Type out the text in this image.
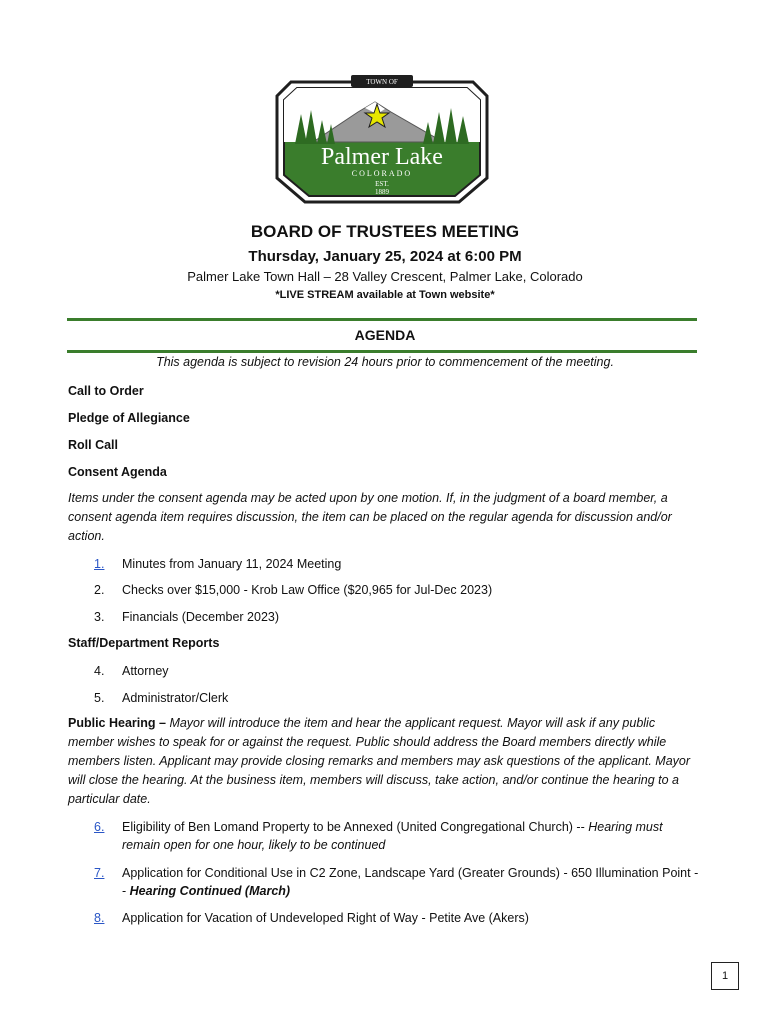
TOWN OF
Palmer Lake
COLORADO
EST.
1889
BOARD OF TRUSTEES MEETING
Thursday, January 25, 2024 at 6:00 PM
Palmer Lake Town Hall – 28 Valley Crescent, Palmer Lake, Colorado
*LIVE STREAM available at Town website*
AGENDA
This agenda is subject to revision 24 hours prior to commencement of the meeting.
Call to Order
Pledge of Allegiance
Roll Call
Consent Agenda
Items under the consent agenda may be acted upon by one motion. If, in the judgment of a board member, a consent agenda item requires discussion, the item can be placed on the regular agenda for discussion and/or action.
1.	Minutes from January 11, 2024 Meeting
2.	Checks over $15,000 - Krob Law Office ($20,965 for Jul-Dec 2023)
3.	Financials (December 2023)
Staff/Department Reports
4.	Attorney
5.	Administrator/Clerk
Public Hearing – Mayor will introduce the item and hear the applicant request. Mayor will ask if any public member wishes to speak for or against the request. Public should address the Board members directly while members listen. Applicant may provide closing remarks and members may ask questions of the applicant. Mayor will close the hearing. At the business item, members will discuss, take action, and/or continue the hearing to a particular date.
6.	Eligibility of Ben Lomand Property to be Annexed (United Congregational Church) -- Hearing must remain open for one hour, likely to be continued
7.	Application for Conditional Use in C2 Zone, Landscape Yard (Greater Grounds) - 650 Illumination Point -- Hearing Continued (March)
8.	Application for Vacation of Undeveloped Right of Way - Petite Ave (Akers)
1
